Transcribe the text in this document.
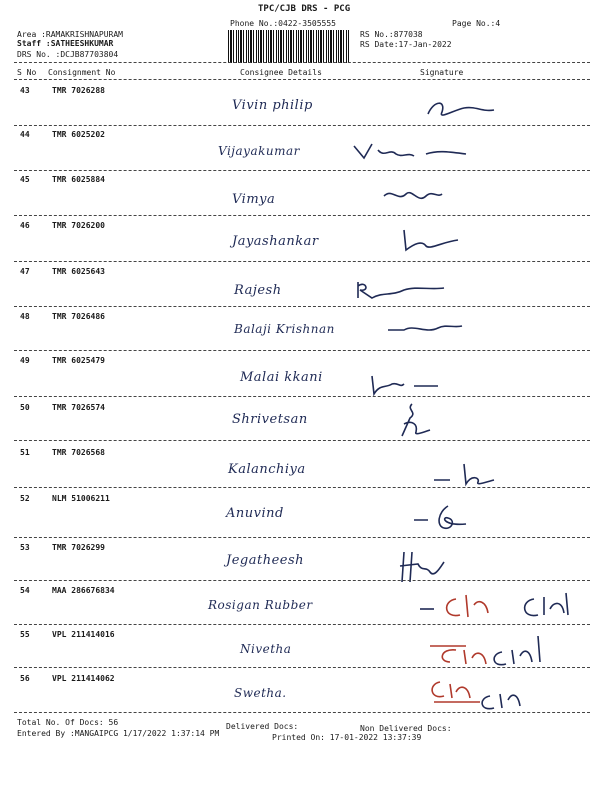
TPC/CJB DRS - PCG
Phone No.:0422-3505555	Page No.:4
Area :RAMAKRISHNAPURAM
Staff :SATHEESHKUMAR
DRS No. :DCJB87703804
RS No.:877038
RS Date:17-Jan-2022
S No Consignment No	Consignee Details	Signature
43	TMR 7026288
Vivin philip
44	TMR 6025202
Vijayakumar
45	TMR 6025884
Vimya
46	TMR 7026200
Jayashankar
47	TMR 6025643
Rajesh
48	TMR 7026486
Balaji Krishnan
49	TMR 6025479
Malai kkani
50	TMR 7026574
Shrivetsan
51	TMR 7026568
Kalanchiya
52	NLM 51006211
Anuvind
53	TMR 7026299
Jegatheesh
54	MAA 286676834
Rosigan Rubber
55	VPL 211414016
Nivetha
56	VPL 211414062
Swetha.
Total No. Of Docs: 56	Delivered Docs:	Non Delivered Docs:
Entered By :MANGAIPCG 1/17/2022 1:37:14 PM	Printed On: 17-01-2022 13:37:39
